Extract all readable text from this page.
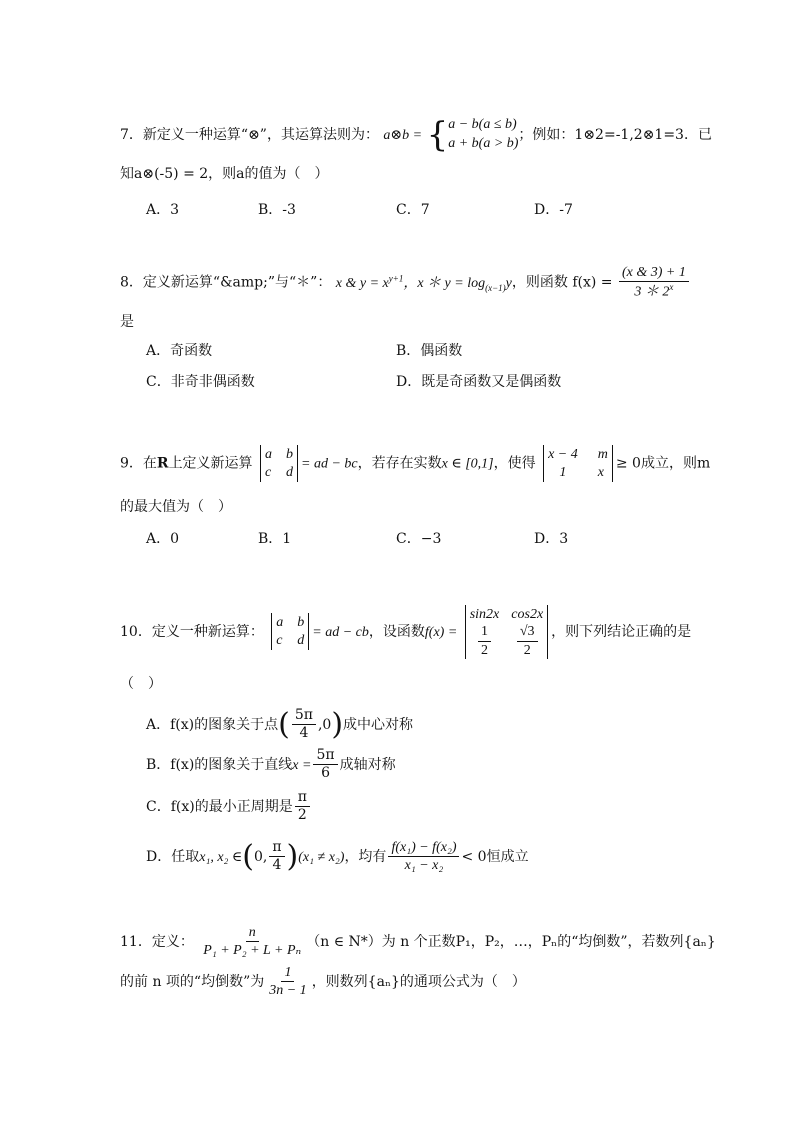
7．新定义一种运算“⊗”，其运算法则为： a⊗b = { a − b(a ≤ b)
a + b(a > b)
；例如：1⊗2=-1,2⊗1=3．已
知a⊗(-5) = 2，则a的值为（　）
A．3	B．-3	C．7	D．-7
8．定义新运算“&amp;”与“＊”： x & $y = x^{y+1}$，x ＊ $y = \log_{(x-1)}y$，则函数 $f(x) = \frac{(x \& 3) + 1}{3 * 2^x}$
是
A．奇函数	B．偶函数
C．非奇非偶函数	D．既是奇函数又是偶函数
9．在R上定义新运算
a b
c d
= ad − bc，若存在实数x ∈ [0,1]，使得
x − 4 m
1	x
≥ 0成立，则m
的最大值为（　）
A．0	B．1	C．−3	D．3
10．定义一种新运算：
a b
c d
= ad − cb，设函数f(x) =
sin2x cos2x
$\frac{1}{2} \frac{√3}{2}$ ，则下列结论正确的是
（　）
A．f(x)的图象关于点( $\frac{5\pi}{4} ,0$)成中心对称
B．f(x)的图象关于直线$x = \frac{5\pi}{6}$ 成轴对称
C．f(x)的最小正周期是 $\frac{\pi}{2}$
D．任取x₁, x₂ ∈(0, $\frac{\pi}{4} )(x_1 \ne x_2)$，均有 $\frac{\text{f(x₁) − f(x₂)}}{\text{x₁ − x₂}} < 0$恒成立
11．定义： $\frac{n}{\text{P₁ + P₂ + L + Pₙ}} (n$ ∈ N*）为 n 个正数P₁，P₂，…，Pₙ的“均倒数”，若数列{aₙ}
的前 n 项的“均倒数”为 $\frac{1}{3n - 1}$ ，则数列{aₙ}的通项公式为（　）
